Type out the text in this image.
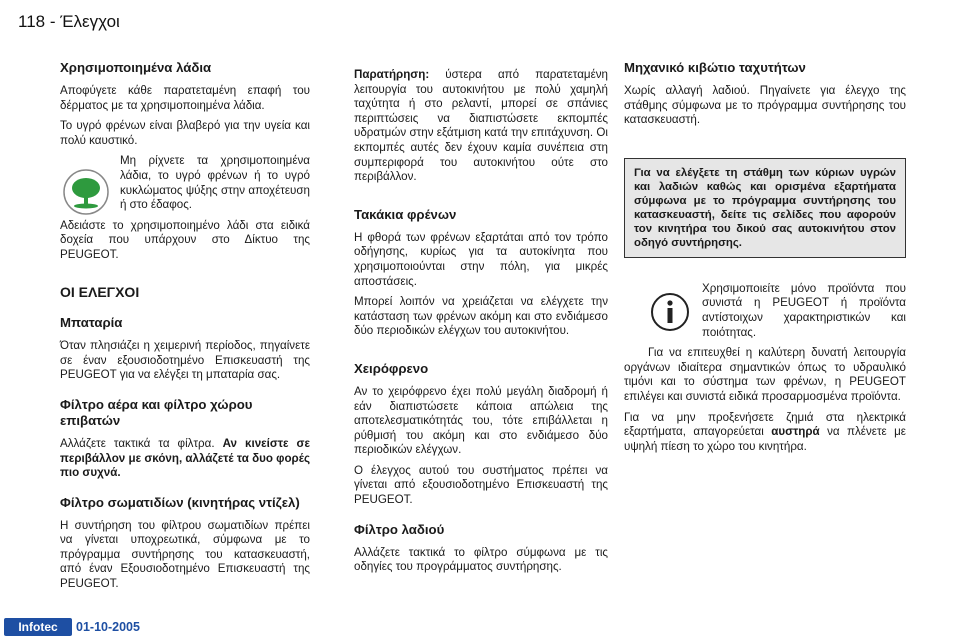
118 - Έλεγχοι
Χρησιμοποιημένα λάδια

Αποφύγετε κάθε παρατεταμένη επαφή του δέρματος με τα χρησιμοποιημένα λάδια.

Το υγρό φρένων είναι βλαβερό για την υγεία και πολύ καυστικό.

Μη ρίχνετε τα χρησιμοποιημένα λάδια, το υγρό φρένων ή το υγρό κυκλώματος ψύξης στην αποχέτευση ή στο έδαφος.

Αδειάστε το χρησιμοποιημένο λάδι στα ειδικά δοχεία που υπάρχουν στο Δίκτυο της PEUGEOT.

ΟΙ ΕΛΕΓΧΟΙ
Μπαταρία

Όταν πλησιάζει η χειμερινή περίοδος, πηγαίνετε σε έναν εξουσιοδοτημένο Επισκευαστή της PEUGEOT για να ελέγξει τη μπαταρία σας.

Φίλτρο αέρα και φίλτρο χώρου επιβατών

Αλλάζετε τακτικά τα φίλτρα. Αν κινείστε σε περιβάλλον με σκόνη, αλλάζετέ τα δυο φορές πιο συχνά.

Φίλτρο σωματιδίων (κινητήρας ντίζελ)

Η συντήρηση του φίλτρου σωματιδίων πρέπει να γίνεται υποχρεωτικά, σύμφωνα με το πρόγραμμα συντήρησης του κατασκευαστή, από έναν Εξουσιοδοτημένο Επισκευαστή της PEUGEOT.

Παρατήρηση: ύστερα από παρατεταμένη λειτουργία του αυτοκινήτου με πολύ χαμηλή ταχύτητα ή στο ρελαντί, μπορεί σε σπάνιες περιπτώσεις να διαπιστώσετε εκπομπές υδρατμών στην εξάτμιση κατά την επιτάχυνση. Οι εκπομπές αυτές δεν έχουν καμία συνέπεια στη συμπεριφορά του αυτοκινήτου ούτε στο περιβάλλον.

Τακάκια φρένων

Η φθορά των φρένων εξαρτάται από τον τρόπο οδήγησης, κυρίως για τα αυτοκίνητα που χρησιμοποιούνται στην πόλη, για μικρές αποστάσεις.

Μπορεί λοιπόν να χρειάζεται να ελέγχετε την κατάσταση των φρένων ακόμη και στο ενδιάμεσο δύο περιοδικών ελέγχων του αυτοκινήτου.

Χειρόφρενο

Αν το χειρόφρενο έχει πολύ μεγάλη διαδρομή ή εάν διαπιστώσετε κάποια απώλεια της αποτελεσματικότητάς του, τότε επιβάλλεται η ρύθμισή του ακόμη και στο ενδιάμεσο δύο περιοδικών ελέγχων.

Ο έλεγχος αυτού του συστήματος πρέπει να γίνεται από εξουσιοδοτημένο Επισκευαστή της PEUGEOT.

Φίλτρο λαδιού

Αλλάζετε τακτικά το φίλτρο σύμφωνα με τις οδηγίες του προγράμματος συντήρησης.

Μηχανικό κιβώτιο ταχυτήτων

Χωρίς αλλαγή λαδιού. Πηγαίνετε για έλεγχο της στάθμης σύμφωνα με το πρόγραμμα συντήρησης του κατασκευαστή.

Για να ελέγξετε τη στάθμη των κύριων υγρών και λαδιών καθώς και ορισμένα εξαρτήματα σύμφωνα με το πρόγραμμα συντήρησης του κατασκευαστή, δείτε τις σελίδες που αφορούν τον κινητήρα του δικού σας αυτοκινήτου στον οδηγό συντήρησης.

Χρησιμοποιείτε μόνο προϊόντα που συνιστά η PEUGEOT ή προϊόντα αντίστοιχων χαρακτηριστικών και ποιότητας.

Για να επιτευχθεί η καλύτερη δυνατή λειτουργία οργάνων ιδιαίτερα σημαντικών όπως το υδραυλικό τιμόνι και το σύστημα των φρένων, η PEUGEOT επιλέγει και συνιστά ειδικά προσαρμοσμένα προϊόντα.

Για να μην προξενήσετε ζημιά στα ηλεκτρικά εξαρτήματα, απαγορεύεται αυστηρά να πλένετε με υψηλή πίεση το χώρο του κινητήρα.

Infotec	01-10-2005
